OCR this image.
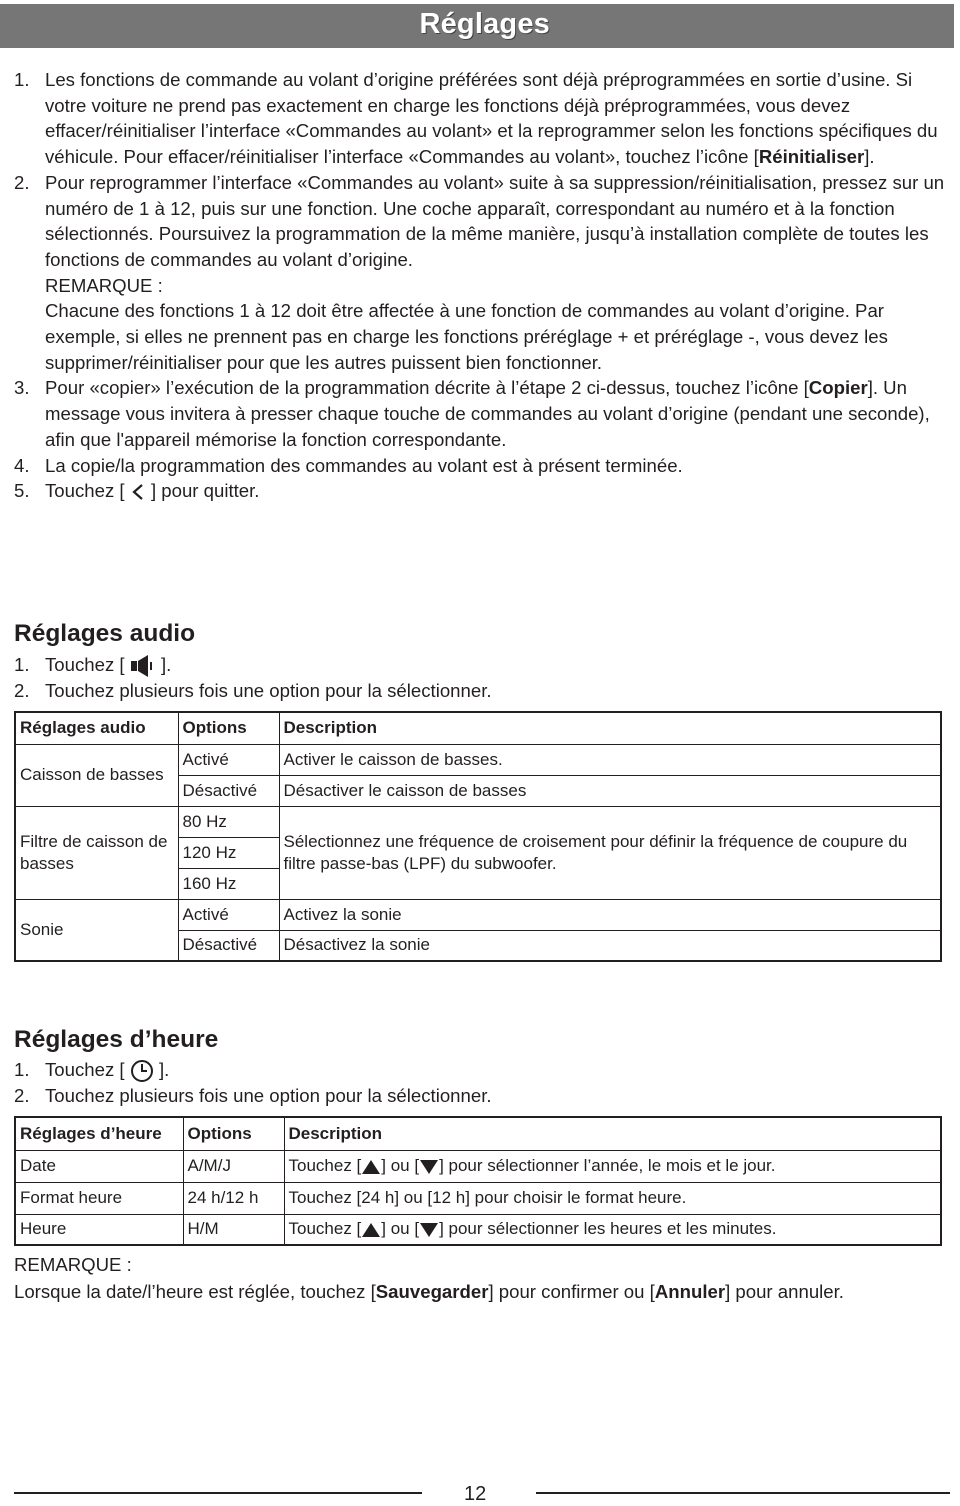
Réglages
1. Les fonctions de commande au volant d’origine préférées sont déjà préprogrammées en sortie d’usine. Si votre voiture ne prend pas exactement en charge les fonctions déjà préprogrammées, vous devez effacer/réinitialiser l’interface «Commandes au volant» et la reprogrammer selon les fonctions spécifiques du véhicule. Pour effacer/réinitialiser l’interface «Commandes au volant», touchez l’icône [Réinitialiser].
2. Pour reprogrammer l’interface «Commandes au volant» suite à sa suppression/réinitialisation, pressez sur un numéro de 1 à 12, puis sur une fonction. Une coche apparaît, correspondant au numéro et à la fonction sélectionnés. Poursuivez la programmation de la même manière, jusqu’à installation complète de toutes les fonctions de commandes au volant d’origine.
REMARQUE :
Chacune des fonctions 1 à 12 doit être affectée à une fonction de commandes au volant d’origine. Par exemple, si elles ne prennent pas en charge les fonctions préréglage + et préréglage -, vous devez les supprimer/réinitialiser pour que les autres puissent bien fonctionner.
3. Pour «copier» l’exécution de la programmation décrite à l’étape 2 ci-dessus, touchez l’icône [Copier]. Un message vous invitera à presser chaque touche de commandes au volant d’origine (pendant une seconde), afin que l'appareil mémorise la fonction correspondante.
4. La copie/la programmation des commandes au volant est à présent terminée.
5. Touchez [ ] pour quitter.
Réglages audio
1. Touchez [ ].
2. Touchez plusieurs fois une option pour la sélectionner.
Réglages audio	Options	Description
Caisson de basses	Activé	Activer le caisson de basses.
	Désactivé	Désactiver le caisson de basses
Filtre de caisson de basses	80 Hz	Sélectionnez une fréquence de croisement pour définir la fréquence de coupure du filtre passe-bas (LPF) du subwoofer.
	120 Hz	
	160 Hz	
Sonie	Activé	Activez la sonie
	Désactivé	Désactivez la sonie
Réglages d’heure
1. Touchez [ ].
2. Touchez plusieurs fois une option pour la sélectionner.
Réglages d’heure	Options	Description
Date	A/M/J	Touchez [ ] ou [ ] pour sélectionner l’année, le mois et le jour.
Format heure	24 h/12 h	Touchez [24 h] ou [12 h] pour choisir le format heure.
Heure	H/M	Touchez [ ] ou [ ] pour sélectionner les heures et les minutes.
REMARQUE :
Lorsque la date/l’heure est réglée, touchez [Sauvegarder] pour confirmer ou [Annuler] pour annuler.
12
